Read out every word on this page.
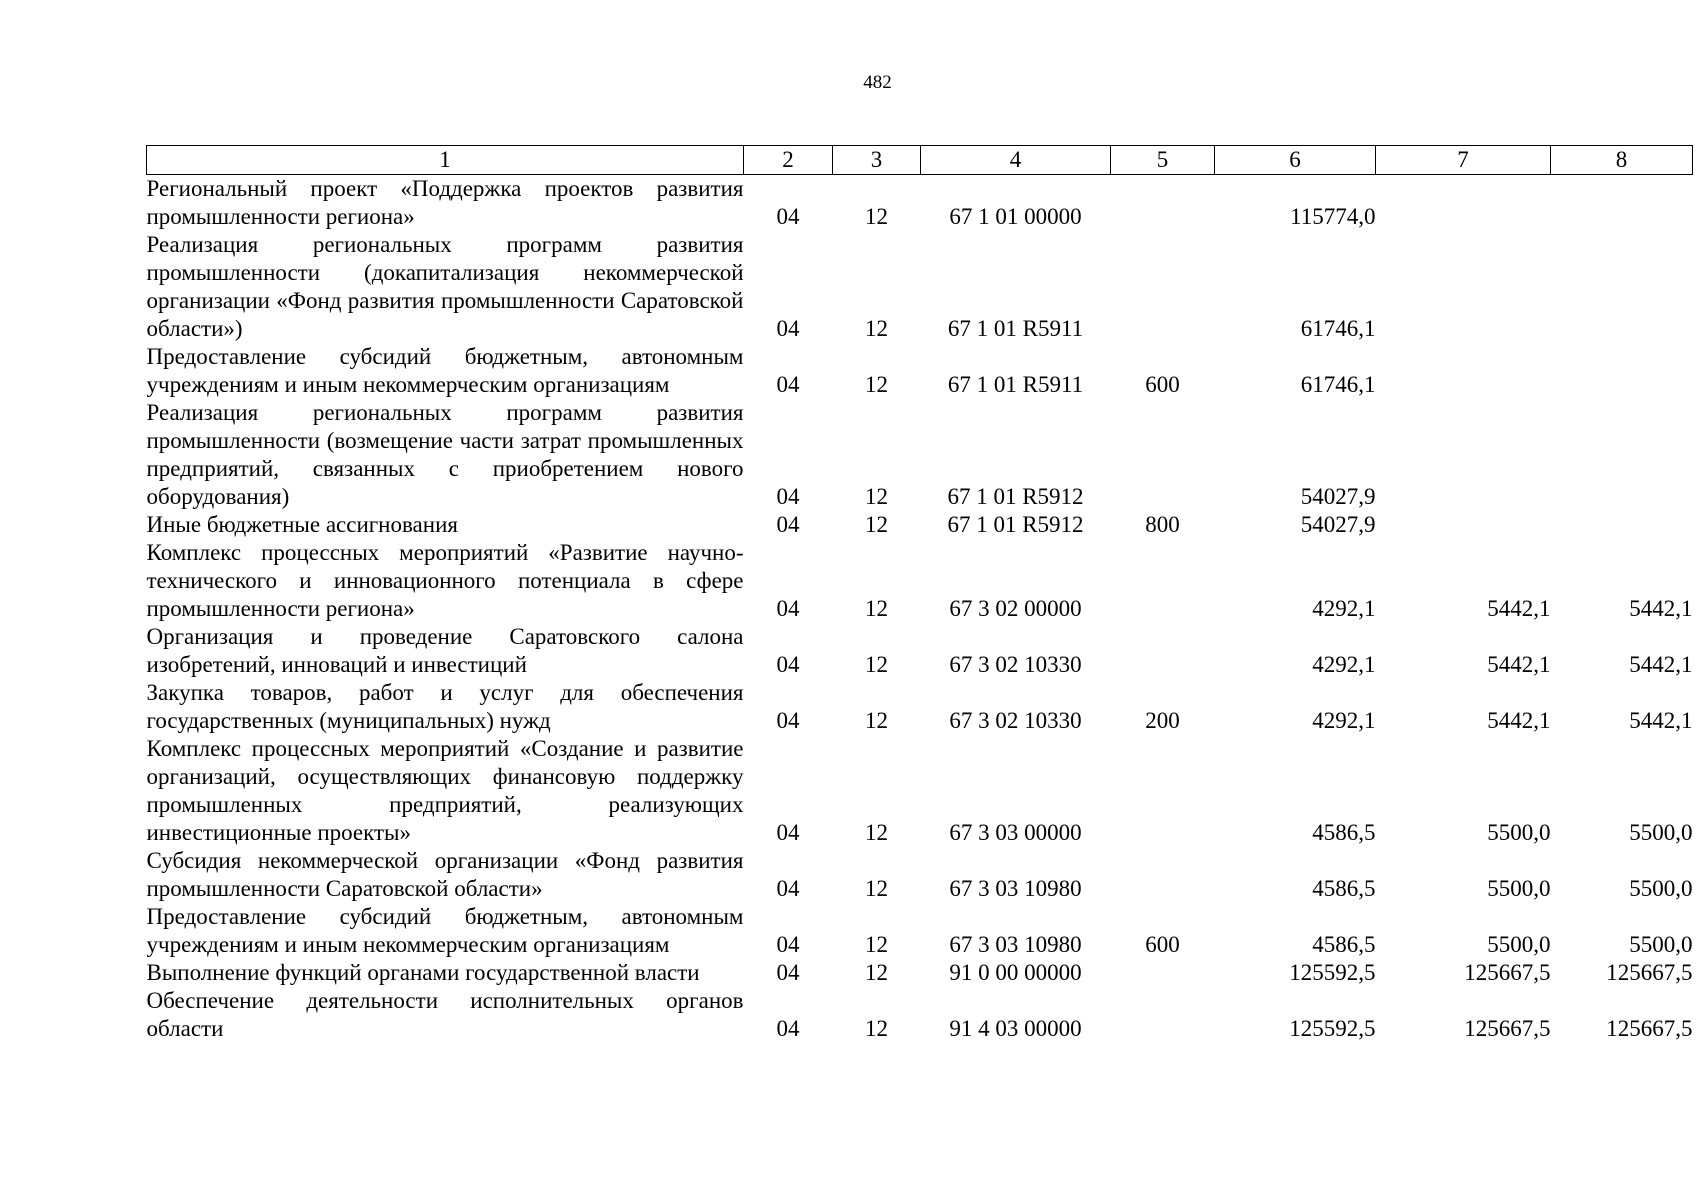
482
1	2	3	4	5	6	7	8
Региональный проект «Поддержка проектов развития промышленности региона»	04	12	67 1 01 00000		115774,0		
Реализация региональных программ развития промышленности (докапитализация некоммерческой организации «Фонд развития промышленности Саратовской области»)	04	12	67 1 01 R5911		61746,1		
Предоставление субсидий бюджетным, автономным учреждениям и иным некоммерческим организациям	04	12	67 1 01 R5911	600	61746,1		
Реализация региональных программ развития промышленности (возмещение части затрат промышленных предприятий, связанных с приобретением нового оборудования)	04	12	67 1 01 R5912		54027,9		
Иные бюджетные ассигнования	04	12	67 1 01 R5912	800	54027,9		
Комплекс процессных мероприятий «Развитие научно-технического и инновационного потенциала в сфере промышленности региона»	04	12	67 3 02 00000		4292,1	5442,1	5442,1
Организация и проведение Саратовского салона изобретений, инноваций и инвестиций	04	12	67 3 02 10330		4292,1	5442,1	5442,1
Закупка товаров, работ и услуг для обеспечения государственных (муниципальных) нужд	04	12	67 3 02 10330	200	4292,1	5442,1	5442,1
Комплекс процессных мероприятий «Создание и развитие организаций, осуществляющих финансовую поддержку промышленных предприятий, реализующих инвестиционные проекты»	04	12	67 3 03 00000		4586,5	5500,0	5500,0
Субсидия некоммерческой организации «Фонд развития промышленности Саратовской области»	04	12	67 3 03 10980		4586,5	5500,0	5500,0
Предоставление субсидий бюджетным, автономным учреждениям и иным некоммерческим организациям	04	12	67 3 03 10980	600	4586,5	5500,0	5500,0
Выполнение функций органами государственной власти	04	12	91 0 00 00000		125592,5	125667,5	125667,5
Обеспечение деятельности исполнительных органов области	04	12	91 4 03 00000		125592,5	125667,5	125667,5
